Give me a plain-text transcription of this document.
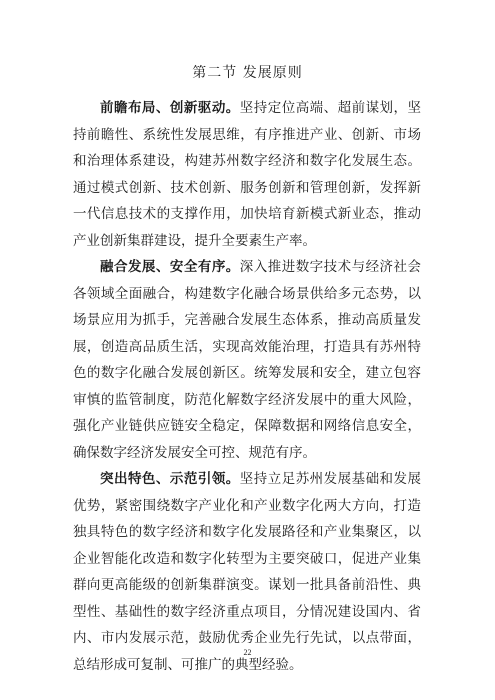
第二节 发展原则

前瞻布局、创新驱动。坚持定位高端、超前谋划，坚持前瞻性、系统性发展思维，有序推进产业、创新、市场和治理体系建设，构建苏州数字经济和数字化发展生态。通过模式创新、技术创新、服务创新和管理创新，发挥新一代信息技术的支撑作用，加快培育新模式新业态，推动产业创新集群建设，提升全要素生产率。

融合发展、安全有序。深入推进数字技术与经济社会各领域全面融合，构建数字化融合场景供给多元态势，以场景应用为抓手，完善融合发展生态体系，推动高质量发展，创造高品质生活，实现高效能治理，打造具有苏州特色的数字化融合发展创新区。统筹发展和安全，建立包容审慎的监管制度，防范化解数字经济发展中的重大风险，强化产业链供应链安全稳定，保障数据和网络信息安全，确保数字经济发展安全可控、规范有序。

突出特色、示范引领。坚持立足苏州发展基础和发展优势，紧密围绕数字产业化和产业数字化两大方向，打造独具特色的数字经济和数字化发展路径和产业集聚区，以企业智能化改造和数字化转型为主要突破口，促进产业集群向更高能级的创新集群演变。谋划一批具备前沿性、典型性、基础性的数字经济重点项目，分情况建设国内、省内、市内发展示范，鼓励优秀企业先行先试，以点带面，总结形成可复制、可推广的典型经验。

22
